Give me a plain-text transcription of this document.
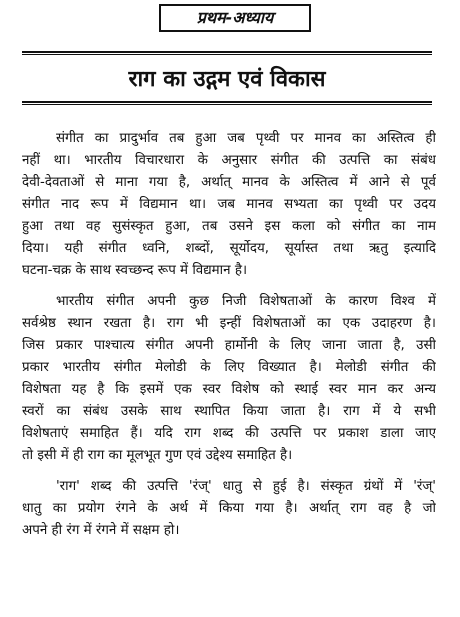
प्रथम-अध्याय
राग का उद्गम एवं विकास
संगीत का प्रादुर्भाव तब हुआ जब पृथ्वी पर मानव का अस्तित्व ही
नहीं था। भारतीय विचारधारा के अनुसार संगीत की उत्पत्ति का संबंध
देवी-देवताओं से माना गया है, अर्थात् मानव के अस्तित्व में आने से पूर्व
संगीत नाद रूप में विद्यमान था। जब मानव सभ्यता का पृथ्वी पर उदय
हुआ तथा वह सुसंस्कृत हुआ, तब उसने इस कला को संगीत का नाम
दिया। यही संगीत ध्वनि, शब्दों, सूर्योदय, सूर्यास्त तथा ऋतु इत्यादि
घटना-चक्र के साथ स्वच्छन्द रूप में विद्यमान है।
भारतीय संगीत अपनी कुछ निजी विशेषताओं के कारण विश्व में
सर्वश्रेष्ठ स्थान रखता है। राग भी इन्हीं विशेषताओं का एक उदाहरण है।
जिस प्रकार पाश्चात्य संगीत अपनी हार्मोनी के लिए जाना जाता है, उसी
प्रकार भारतीय संगीत मेलोडी के लिए विख्यात है। मेलोडी संगीत की
विशेषता यह है कि इसमें एक स्वर विशेष को स्थाई स्वर मान कर अन्य
स्वरों का संबंध उसके साथ स्थापित किया जाता है। राग में ये सभी
विशेषताएं समाहित हैं। यदि राग शब्द की उत्पत्ति पर प्रकाश डाला जाए
तो इसी में ही राग का मूलभूत गुण एवं उद्देश्य समाहित है।
'राग' शब्द की उत्पत्ति 'रंज्' धातु से हुई है। संस्कृत ग्रंथों में 'रंज्'
धातु का प्रयोग रंगने के अर्थ में किया गया है। अर्थात् राग वह है जो
अपने ही रंग में रंगने में सक्षम हो।
